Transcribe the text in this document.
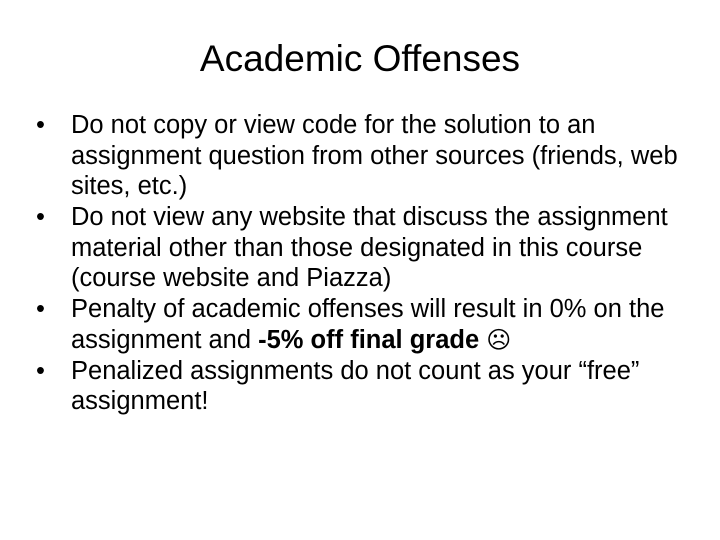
Academic Offenses
•	Do not copy or view code for the solution to an assignment question from other sources (friends, web sites, etc.)
•	Do not view any website that discuss the assignment material other than those designated in this course (course website and Piazza)
•	Penalty of academic offenses will result in 0% on the assignment and -5% off final grade ☹
•	Penalized assignments do not count as your “free” assignment!
